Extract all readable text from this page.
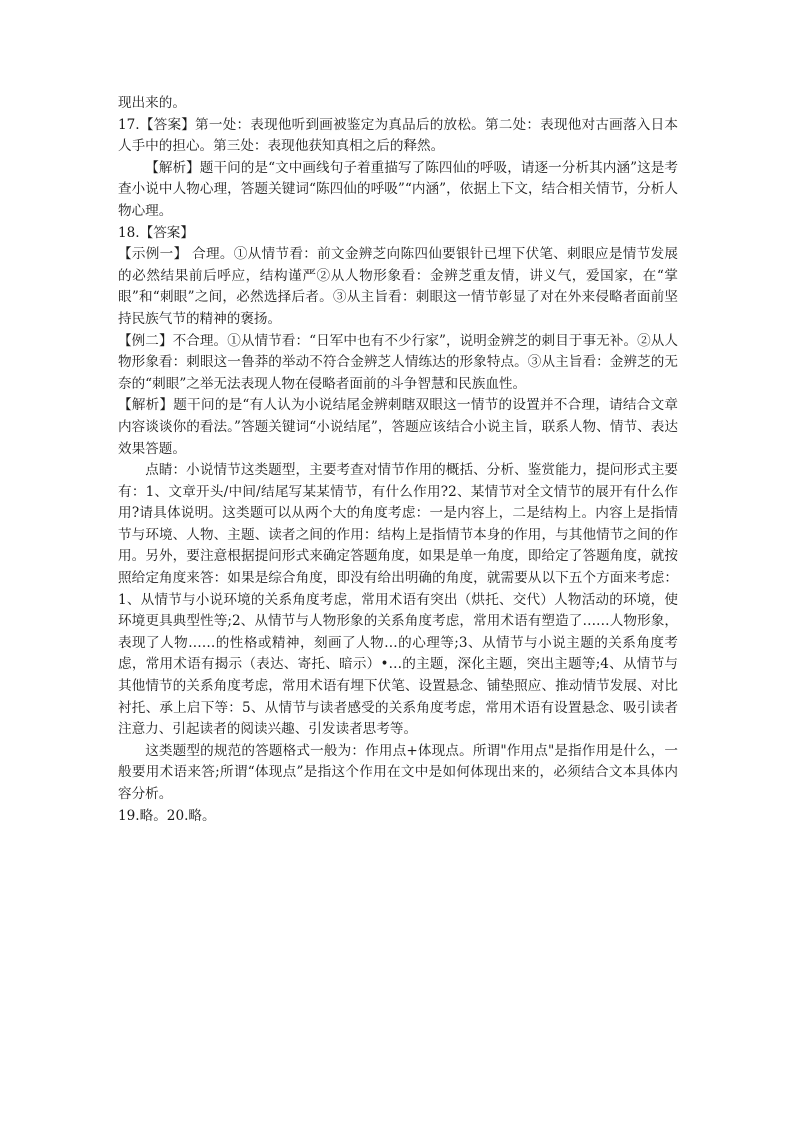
现出来的。

17.【答案】第一处：表现他听到画被鉴定为真品后的放松。第二处：表现他对古画落入日本人手中的担心。第三处：表现他获知真相之后的释然。

【解析】题干问的是“文中画线句子着重描写了陈四仙的呼吸，请逐一分析其内涵”这是考查小说中人物心理，答题关键词“陈四仙的呼吸”“内涵”，依据上下文，结合相关情节，分析人物心理。

18.【答案】

【示例一】 合理。①从情节看：前文金辨芝向陈四仙要银针已埋下伏笔、刺眼应是情节发展的必然结果前后呼应，结构谨严②从人物形象看：金辨芝重友情，讲义气，爱国家，在“掌眼”和“刺眼”之间，必然选择后者。③从主旨看：刺眼这一情节彰显了对在外来侵略者面前坚持民族气节的精神的褒扬。

【例二】不合理。①从情节看：“日军中也有不少行家”，说明金辨芝的刺目于事无补。②从人物形象看：刺眼这一鲁莽的举动不符合金辨芝人情练达的形象特点。③从主旨看：金辨芝的无奈的“刺眼”之举无法表现人物在侵略者面前的斗争智慧和民族血性。

【解析】题干问的是“有人认为小说结尾金辨刺瞎双眼这一情节的设置并不合理，请结合文章内容谈谈你的看法。”答题关键词“小说结尾”，答题应该结合小说主旨，联系人物、情节、表达效果答题。

点睛：小说情节这类题型，主要考查对情节作用的概括、分析、鉴赏能力，提问形式主要有：1、文章开头/中间/结尾写某某情节，有什么作用?2、某情节对全文情节的展开有什么作用?请具体说明。这类题可以从两个大的角度考虑：一是内容上，二是结构上。内容上是指情节与环境、人物、主题、读者之间的作用：结构上是指情节本身的作用，与其他情节之间的作用。另外，要注意根据提问形式来确定答题角度，如果是单一角度，即给定了答题角度，就按照给定角度来答：如果是综合角度，即没有给出明确的角度，就需要从以下五个方面来考虑：1、从情节与小说环境的关系角度考虑，常用术语有突出（烘托、交代）人物活动的环境，使环境更具典型性等;2、从情节与人物形象的关系角度考虑，常用术语有塑造了……人物形象，表现了人物……的性格或精神，刻画了人物…的心理等;3、从情节与小说主题的关系角度考虑，常用术语有揭示（表达、寄托、暗示）•…的主题，深化主题，突出主题等;4、从情节与其他情节的关系角度考虑，常用术语有埋下伏笔、设置悬念、铺垫照应、推动情节发展、对比衬托、承上启下等：5、从情节与读者感受的关系角度考虑，常用术语有设置悬念、吸引读者注意力、引起读者的阅读兴趣、引发读者思考等。

这类题型的规范的答题格式一般为：作用点+体现点。所谓"作用点"是指作用是什么，一般要用术语来答;所谓“体现点”是指这个作用在文中是如何体现出来的，必须结合文本具体内容分析。

19.略。20.略。
